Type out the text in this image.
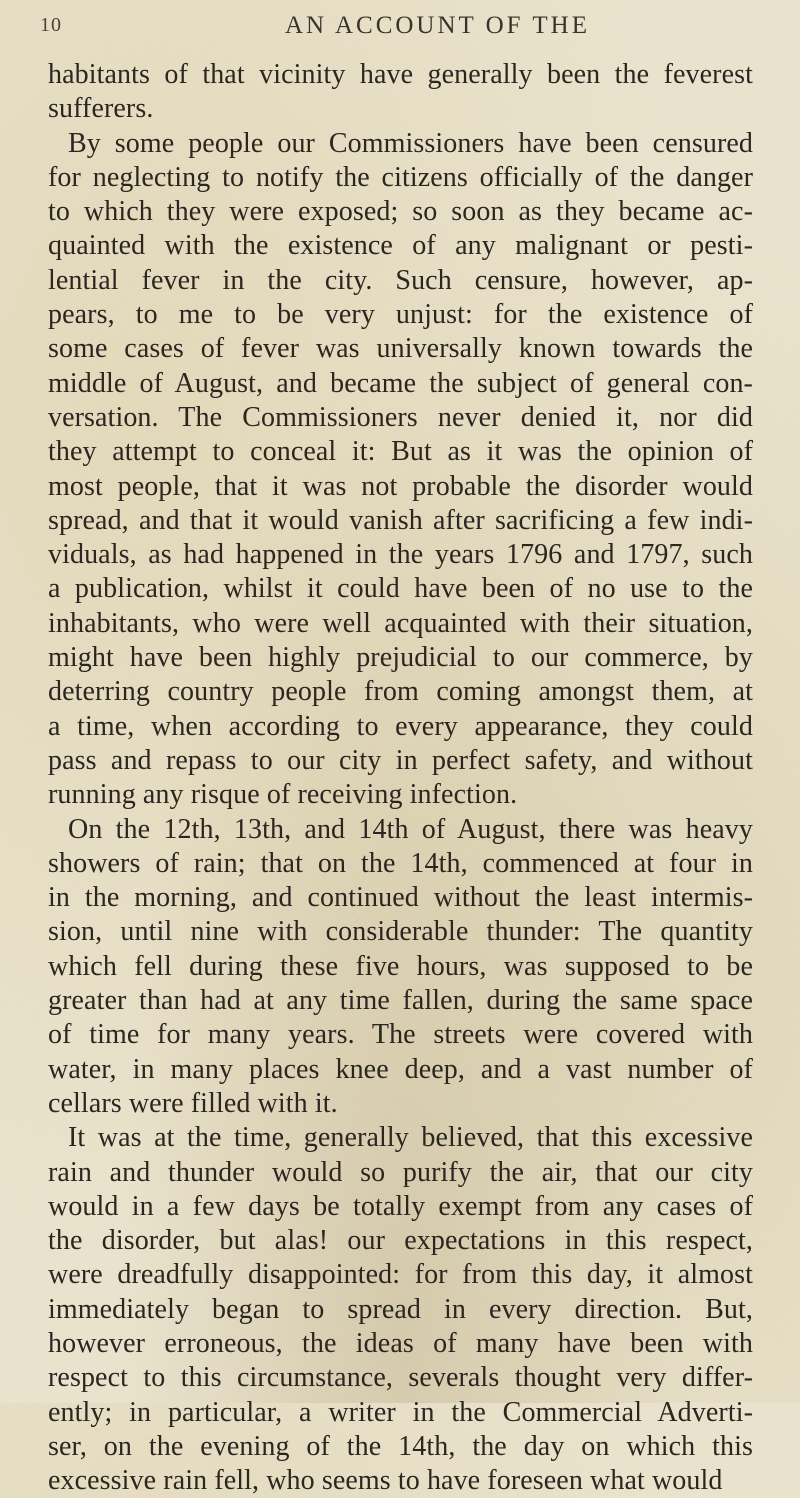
10	AN ACCOUNT OF THE
habitants of that vicinity have generally been the feverest
sufferers.
By some people our Commissioners have been censured
for neglecting to notify the citizens officially of the danger
to which they were exposed; so soon as they became ac-
quainted with the existence of any malignant or pesti-
lential fever in the city. Such censure, however, ap-
pears, to me to be very unjust: for the existence of
some cases of fever was universally known towards the
middle of August, and became the subject of general con-
versation. The Commissioners never denied it, nor did
they attempt to conceal it: But as it was the opinion of
most people, that it was not probable the disorder would
spread, and that it would vanish after sacrificing a few indi-
viduals, as had happened in the years 1796 and 1797, such
a publication, whilst it could have been of no use to the
inhabitants, who were well acquainted with their situation,
might have been highly prejudicial to our commerce, by
deterring country people from coming amongst them, at
a time, when according to every appearance, they could
pass and repass to our city in perfect safety, and without
running any risque of receiving infection.
On the 12th, 13th, and 14th of August, there was heavy
showers of rain; that on the 14th, commenced at four in
in the morning, and continued without the least intermis-
sion, until nine with considerable thunder: The quantity
which fell during these five hours, was supposed to be
greater than had at any time fallen, during the same space
of time for many years. The streets were covered with
water, in many places knee deep, and a vast number of
cellars were filled with it.
It was at the time, generally believed, that this excessive
rain and thunder would so purify the air, that our city
would in a few days be totally exempt from any cases of
the disorder, but alas! our expectations in this respect,
were dreadfully disappointed: for from this day, it almost
immediately began to spread in every direction. But,
however erroneous, the ideas of many have been with
respect to this circumstance, severals thought very differ-
ently; in particular, a writer in the Commercial Adverti-
ser, on the evening of the 14th, the day on which this
excessive rain fell, who seems to have foreseen what would
